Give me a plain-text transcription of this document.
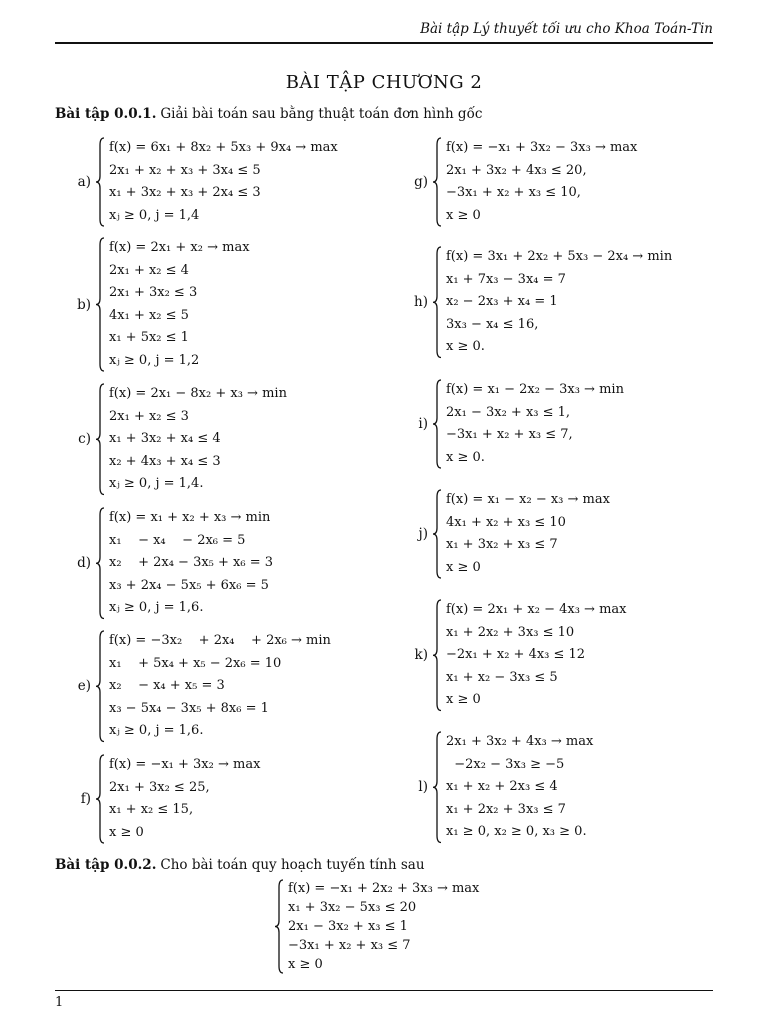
Bài tập Lý thuyết tối ưu cho Khoa Toán-Tin
BÀI TẬP CHƯƠNG 2
Bài tập 0.0.1. Giải bài toán sau bằng thuật toán đơn hình gốc
a)
f(x) = 6x₁ + 8x₂ + 5x₃ + 9x₄ → max
2x₁ + x₂ + x₃ + 3x₄ ≤ 5
x₁ + 3x₂ + x₃ + 2x₄ ≤ 3
xⱼ ≥ 0, j = 1,4
b)
f(x) = 2x₁ + x₂ → max
2x₁ + x₂ ≤ 4
2x₁ + 3x₂ ≤ 3
4x₁ + x₂ ≤ 5
x₁ + 5x₂ ≤ 1
xⱼ ≥ 0, j = 1,2
c)
f(x) = 2x₁ − 8x₂ + x₃ → min
2x₁ + x₂ ≤ 3
x₁ + 3x₂ + x₄ ≤ 4
x₂ + 4x₃ + x₄ ≤ 3
xⱼ ≥ 0, j = 1,4.
d)
f(x) = x₁ + x₂ + x₃ → min
x₁    − x₄    − 2x₆ = 5
x₂    + 2x₄ − 3x₅ + x₆ = 3
x₃ + 2x₄ − 5x₅ + 6x₆ = 5
xⱼ ≥ 0, j = 1,6.
e)
f(x) = −3x₂    + 2x₄    + 2x₆ → min
x₁    + 5x₄ + x₅ − 2x₆ = 10
x₂    − x₄ + x₅ = 3
x₃ − 5x₄ − 3x₅ + 8x₆ = 1
xⱼ ≥ 0, j = 1,6.
f)
f(x) = −x₁ + 3x₂ → max
2x₁ + 3x₂ ≤ 25,
x₁ + x₂ ≤ 15,
x ≥ 0
g)
f(x) = −x₁ + 3x₂ − 3x₃ → max
2x₁ + 3x₂ + 4x₃ ≤ 20,
−3x₁ + x₂ + x₃ ≤ 10,
x ≥ 0
h)
f(x) = 3x₁ + 2x₂ + 5x₃ − 2x₄ → min
x₁ + 7x₃ − 3x₄ = 7
x₂ − 2x₃ + x₄ = 1
3x₃ − x₄ ≤ 16,
x ≥ 0.
i)
f(x) = x₁ − 2x₂ − 3x₃ → min
2x₁ − 3x₂ + x₃ ≤ 1,
−3x₁ + x₂ + x₃ ≤ 7,
x ≥ 0.
j)
f(x) = x₁ − x₂ − x₃ → max
4x₁ + x₂ + x₃ ≤ 10
x₁ + 3x₂ + x₃ ≤ 7
x ≥ 0
k)
f(x) = 2x₁ + x₂ − 4x₃ → max
x₁ + 2x₂ + 3x₃ ≤ 10
−2x₁ + x₂ + 4x₃ ≤ 12
x₁ + x₂ − 3x₃ ≤ 5
x ≥ 0
l)
2x₁ + 3x₂ + 4x₃ → max
−2x₂ − 3x₃ ≥ −5
x₁ + x₂ + 2x₃ ≤ 4
x₁ + 2x₂ + 3x₃ ≤ 7
x₁ ≥ 0, x₂ ≥ 0, x₃ ≥ 0.
Bài tập 0.0.2. Cho bài toán quy hoạch tuyến tính sau
f(x) = −x₁ + 2x₂ + 3x₃ → max
x₁ + 3x₂ − 5x₃ ≤ 20
2x₁ − 3x₂ + x₃ ≤ 1
−3x₁ + x₂ + x₃ ≤ 7
x ≥ 0
1
